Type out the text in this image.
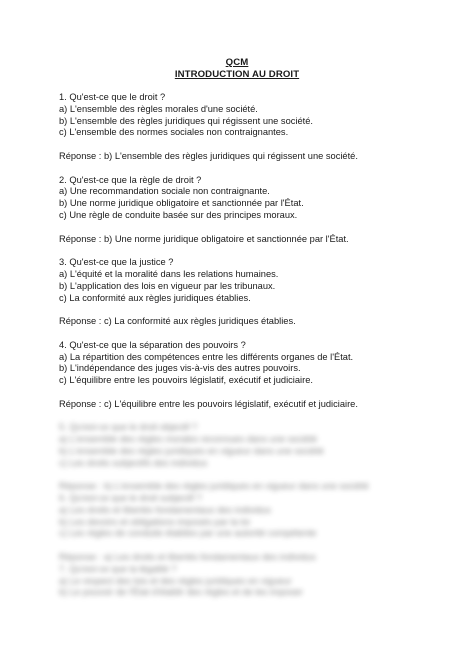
QCM
INTRODUCTION AU DROIT

1. Qu'est-ce que le droit ?

a) L'ensemble des règles morales d'une société.

b) L'ensemble des règles juridiques qui régissent une société.

c) L'ensemble des normes sociales non contraignantes.

Réponse : b) L'ensemble des règles juridiques qui régissent une société.

2. Qu'est-ce que la règle de droit ?

a) Une recommandation sociale non contraignante.

b) Une norme juridique obligatoire et sanctionnée par l'État.

c) Une règle de conduite basée sur des principes moraux.

Réponse : b) Une norme juridique obligatoire et sanctionnée par l'État.

3. Qu'est-ce que la justice ?

a) L'équité et la moralité dans les relations humaines.

b) L'application des lois en vigueur par les tribunaux.

c) La conformité aux règles juridiques établies.

Réponse : c) La conformité aux règles juridiques établies.

4. Qu'est-ce que la séparation des pouvoirs ?

a) La répartition des compétences entre les différents organes de l'État.

b) L'indépendance des juges vis-à-vis des autres pouvoirs.

c) L'équilibre entre les pouvoirs législatif, exécutif et judiciaire.

Réponse : c) L'équilibre entre les pouvoirs législatif, exécutif et judiciaire.

5. Qu'est-ce que le droit objectif ?

a) L'ensemble des règles morales reconnues dans une société

b) L'ensemble des règles juridiques en vigueur dans une société

c) Les droits subjectifs des individus

Réponse : b) L'ensemble des règles juridiques en vigueur dans une société

6. Qu'est-ce que le droit subjectif ?

a) Les droits et libertés fondamentaux des individus

b) Les devoirs et obligations imposés par la loi

c) Les règles de conduite établies par une autorité compétente

Réponse : a) Les droits et libertés fondamentaux des individus

7. Qu'est-ce que la légalité ?

a) Le respect des lois et des règles juridiques en vigueur

b) Le pouvoir de l'État d'établir des règles et de les imposer
